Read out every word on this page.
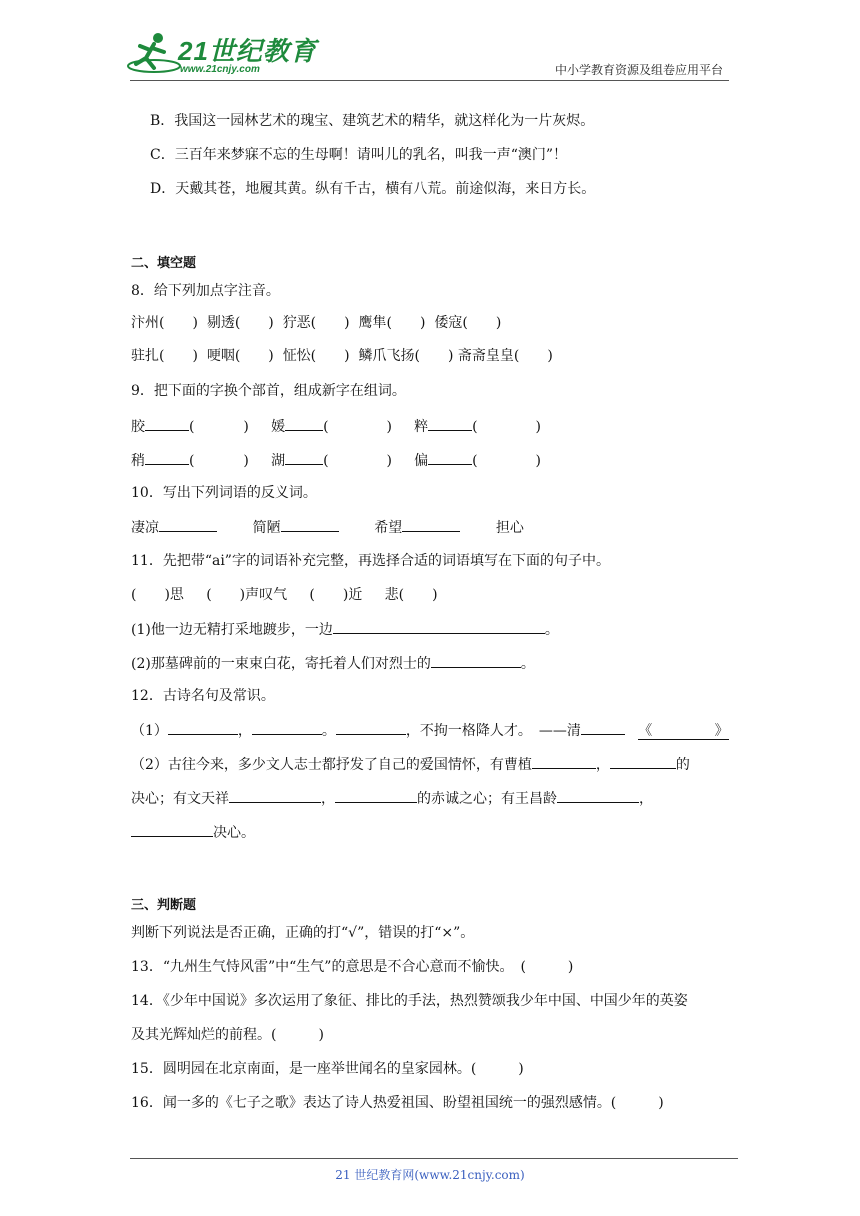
21世纪教育
www.21cnjy.com	中小学教育资源及组卷应用平台
B．我国这一园林艺术的瑰宝、建筑艺术的精华，就这样化为一片灰烬。
C．三百年来梦寐不忘的生母啊！请叫儿的乳名，叫我一声“澳门”！
D．天戴其苍，地履其黄。纵有千古，横有八荒。前途似海，来日方长。
二、填空题
8．给下列加点字注音。
汴州(　　) 剔透(　　) 狞恶(　　) 鹰隼(　　) 倭寇(　　)
驻扎(　　) 哽咽(　　) 怔忪(　　) 鳞爪飞扬(　　) 斋斋皇皇(　　)
9．把下面的字换个部首，组成新字在组词。
胶	(           )     媛	(             )     粹	(             )
稍	(           )     湖	(             )     偏	(             )
10．写出下列词语的反义词。
凄凉	简陋	希望	担心
11．先把带“ai”字的词语补充完整，再选择合适的词语填写在下面的句子中。
(　　)思 (　　)声叹气 (　　)近 悲(　　)
(1)他一边无精打采地踱步，一边	。
(2)那墓碑前的一束束白花，寄托着人们对烈士的	。
12．古诗名句及常识。
（1）	，	。	，不拘一格降人才。　——清	《              》
（2）古往今来，多少文人志士都抒发了自己的爱国情怀，有曹植	，	的
决心；有文天祥	，	的赤诚之心；有王昌龄	，
决心。
三、判断题
判断下列说法是否正确，正确的打“√”，错误的打“×”。
13．“九州生气恃风雷”中“生气”的意思是不合心意而不愉快。　(　　　)
14．《少年中国说》多次运用了象征、排比的手法，热烈赞颂我少年中国、中国少年的英姿
及其光辉灿烂的前程。(　　　)
15．圆明园在北京南面，是一座举世闻名的皇家园林。(　　　)
16．闻一多的《七子之歌》表达了诗人热爱祖国、盼望祖国统一的强烈感情。(　　　)
21 世纪教育网(www.21cnjy.com)
